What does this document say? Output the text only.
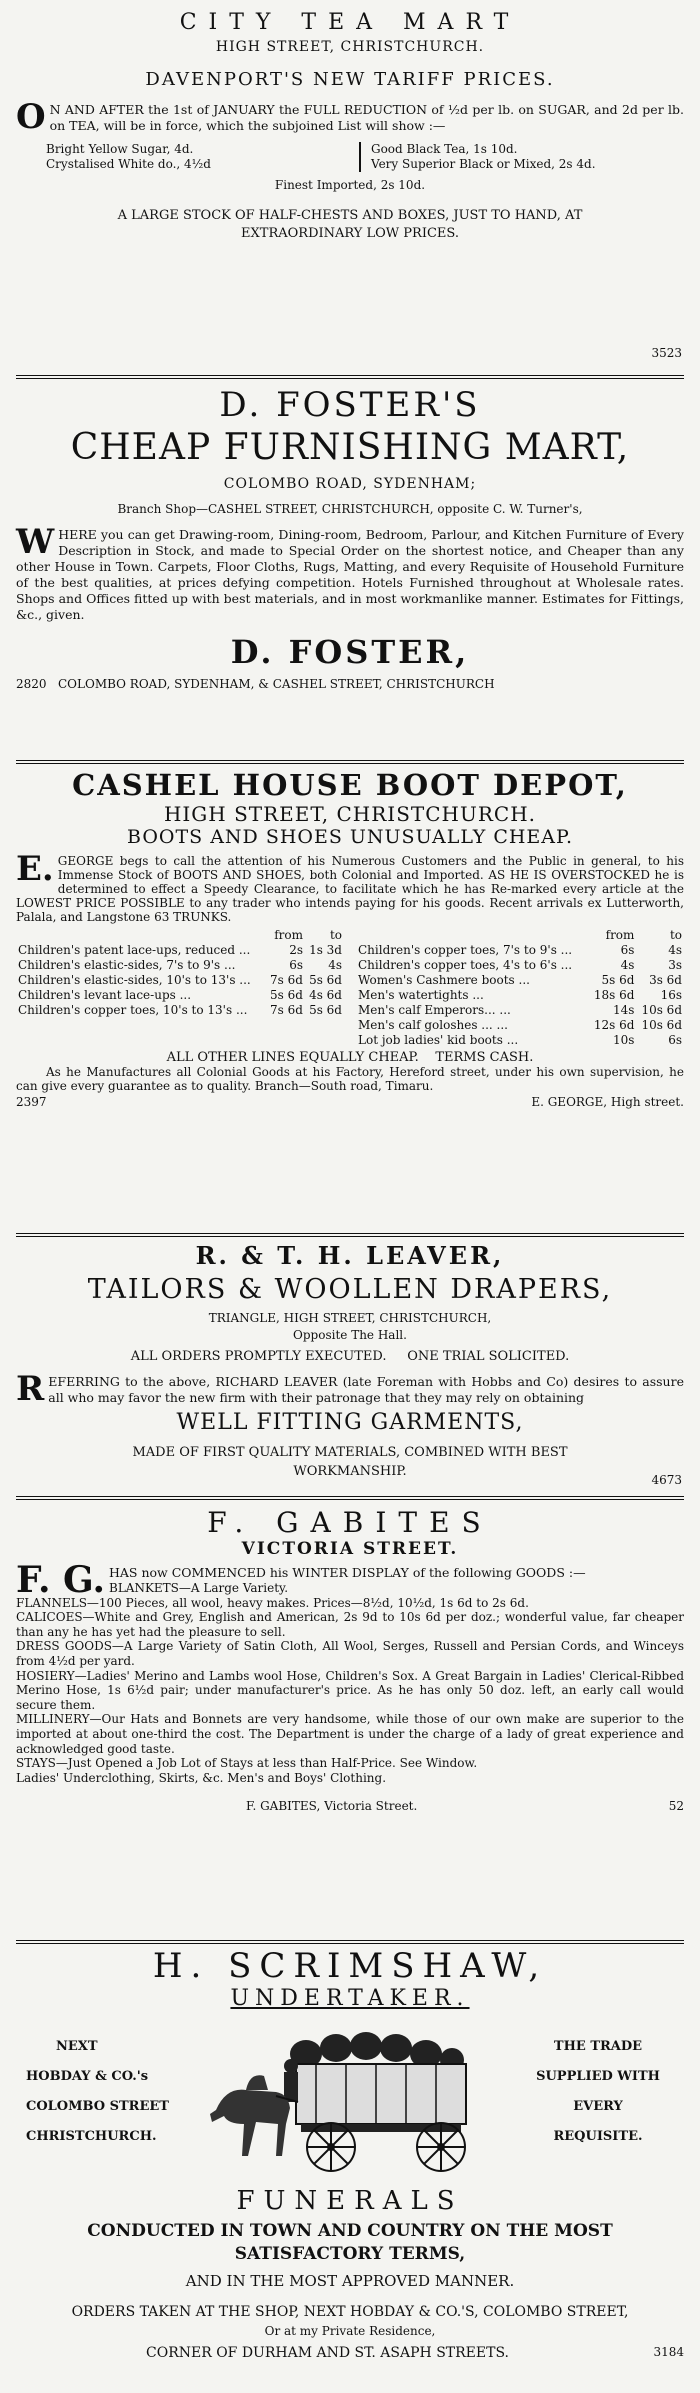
CITY TEA MART
HIGH STREET, CHRISTCHURCH.
DAVENPORT'S NEW TARIFF PRICES.
O N AND AFTER the 1st of JANUARY the FULL REDUCTION of ½d per lb. on SUGAR, and 2d per lb. on TEA, will be in force, which the subjoined List will show :—
Bright Yellow Sugar, 4d.
Crystalised White do., 4½d
Good Black Tea, 1s 10d.
Very Superior Black or Mixed, 2s 4d.
Finest Imported, 2s 10d.
A LARGE STOCK OF HALF-CHESTS AND BOXES, JUST TO HAND, AT EXTRAORDINARY LOW PRICES.
3523
D. FOSTER'S
CHEAP FURNISHING MART,
COLOMBO ROAD, SYDENHAM;
Branch Shop—CASHEL STREET, CHRISTCHURCH, opposite C. W. Turner's,
W HERE you can get Drawing-room, Dining-room, Bedroom, Parlour, and Kitchen Furniture of Every Description in Stock, and made to Special Order on the shortest notice, and Cheaper than any other House in Town. Carpets, Floor Cloths, Rugs, Matting, and every Requisite of Household Furniture of the best qualities, at prices defying competition. Hotels Furnished throughout at Wholesale rates. Shops and Offices fitted up with best materials, and in most workmanlike manner. Estimates for Fittings, &c., given.
D. FOSTER,
2820 COLOMBO ROAD, SYDENHAM, & CASHEL STREET, CHRISTCHURCH
CASHEL HOUSE BOOT DEPOT,
HIGH STREET, CHRISTCHURCH.
BOOTS AND SHOES UNUSUALLY CHEAP.
E. GEORGE begs to call the attention of his Numerous Customers and the Public in general, to his Immense Stock of BOOTS AND SHOES, both Colonial and Imported. AS HE IS OVERSTOCKED he is determined to effect a Speedy Clearance, to facilitate which he has Re-marked every article at the LOWEST PRICE POSSIBLE to any trader who intends paying for his goods. Recent arrivals ex Lutterworth, Palala, and Langstone 63 TRUNKS.
	from	to
Children's patent lace-ups, reduced ...	2s	1s 3d
Children's elastic-sides, 7's to 9's ...	6s	4s
Children's elastic-sides, 10's to 13's ...	7s 6d	5s 6d
Children's levant lace-ups ...	5s 6d	4s 6d
Children's copper toes, 10's to 13's ...	7s 6d	5s 6d
	from	to
Children's copper toes, 7's to 9's ...	6s	4s
Children's copper toes, 4's to 6's ...	4s	3s
Women's Cashmere boots ...	5s 6d	3s 6d
Men's watertights ...	18s 6d	16s
Men's calf Emperors... ...	14s	10s 6d
Men's calf goloshes ... ...	12s 6d	10s 6d
Lot job ladies' kid boots ...	10s	6s
ALL OTHER LINES EQUALLY CHEAP. TERMS CASH.
As he Manufactures all Colonial Goods at his Factory, Hereford street, under his own supervision, he can give every guarantee as to quality. Branch—South road, Timaru.
2397	E. GEORGE, High street.
R. & T. H. LEAVER,
TAILORS & WOOLLEN DRAPERS,
TRIANGLE, HIGH STREET, CHRISTCHURCH,
Opposite The Hall.
ALL ORDERS PROMPTLY EXECUTED. ONE TRIAL SOLICITED.
R EFERRING to the above, RICHARD LEAVER (late Foreman with Hobbs and Co) desires to assure all who may favor the new firm with their patronage that they may rely on obtaining
WELL FITTING GARMENTS,
MADE OF FIRST QUALITY MATERIALS, COMBINED WITH BEST WORKMANSHIP.
4673
F. GABITES
VICTORIA STREET.
F. G. HAS now COMMENCED his WINTER DISPLAY of the following GOODS :—
BLANKETS—A Large Variety.
FLANNELS—100 Pieces, all wool, heavy makes. Prices—8½d, 10½d, 1s 6d to 2s 6d.
CALICOES—White and Grey, English and American, 2s 9d to 10s 6d per doz.; wonderful value, far cheaper than any he has yet had the pleasure to sell.
DRESS GOODS—A Large Variety of Satin Cloth, All Wool, Serges, Russell and Persian Cords, and Winceys from 4½d per yard.
HOSIERY—Ladies' Merino and Lambs wool Hose, Children's Sox. A Great Bargain in Ladies' Clerical-Ribbed Merino Hose, 1s 6½d pair; under manufacturer's price. As he has only 50 doz. left, an early call would secure them.
MILLINERY—Our Hats and Bonnets are very handsome, while those of our own make are superior to the imported at about one-third the cost. The Department is under the charge of a lady of great experience and acknowledged good taste.
STAYS—Just Opened a Job Lot of Stays at less than Half-Price. See Window.
Ladies' Underclothing, Skirts, &c. Men's and Boys' Clothing.
F. GABITES, Victoria Street.	52
H. SCRIMSHAW,
UNDERTAKER.
NEXT
HOBDAY & CO.'s
COLOMBO STREET
CHRISTCHURCH.
THE TRADE
SUPPLIED WITH
EVERY
REQUISITE.
FUNERALS
CONDUCTED IN TOWN AND COUNTRY ON THE MOST SATISFACTORY TERMS,
AND IN THE MOST APPROVED MANNER.
ORDERS TAKEN AT THE SHOP, NEXT HOBDAY & CO.'S, COLOMBO STREET,
Or at my Private Residence,
CORNER OF DURHAM AND ST. ASAPH STREETS.	3184
